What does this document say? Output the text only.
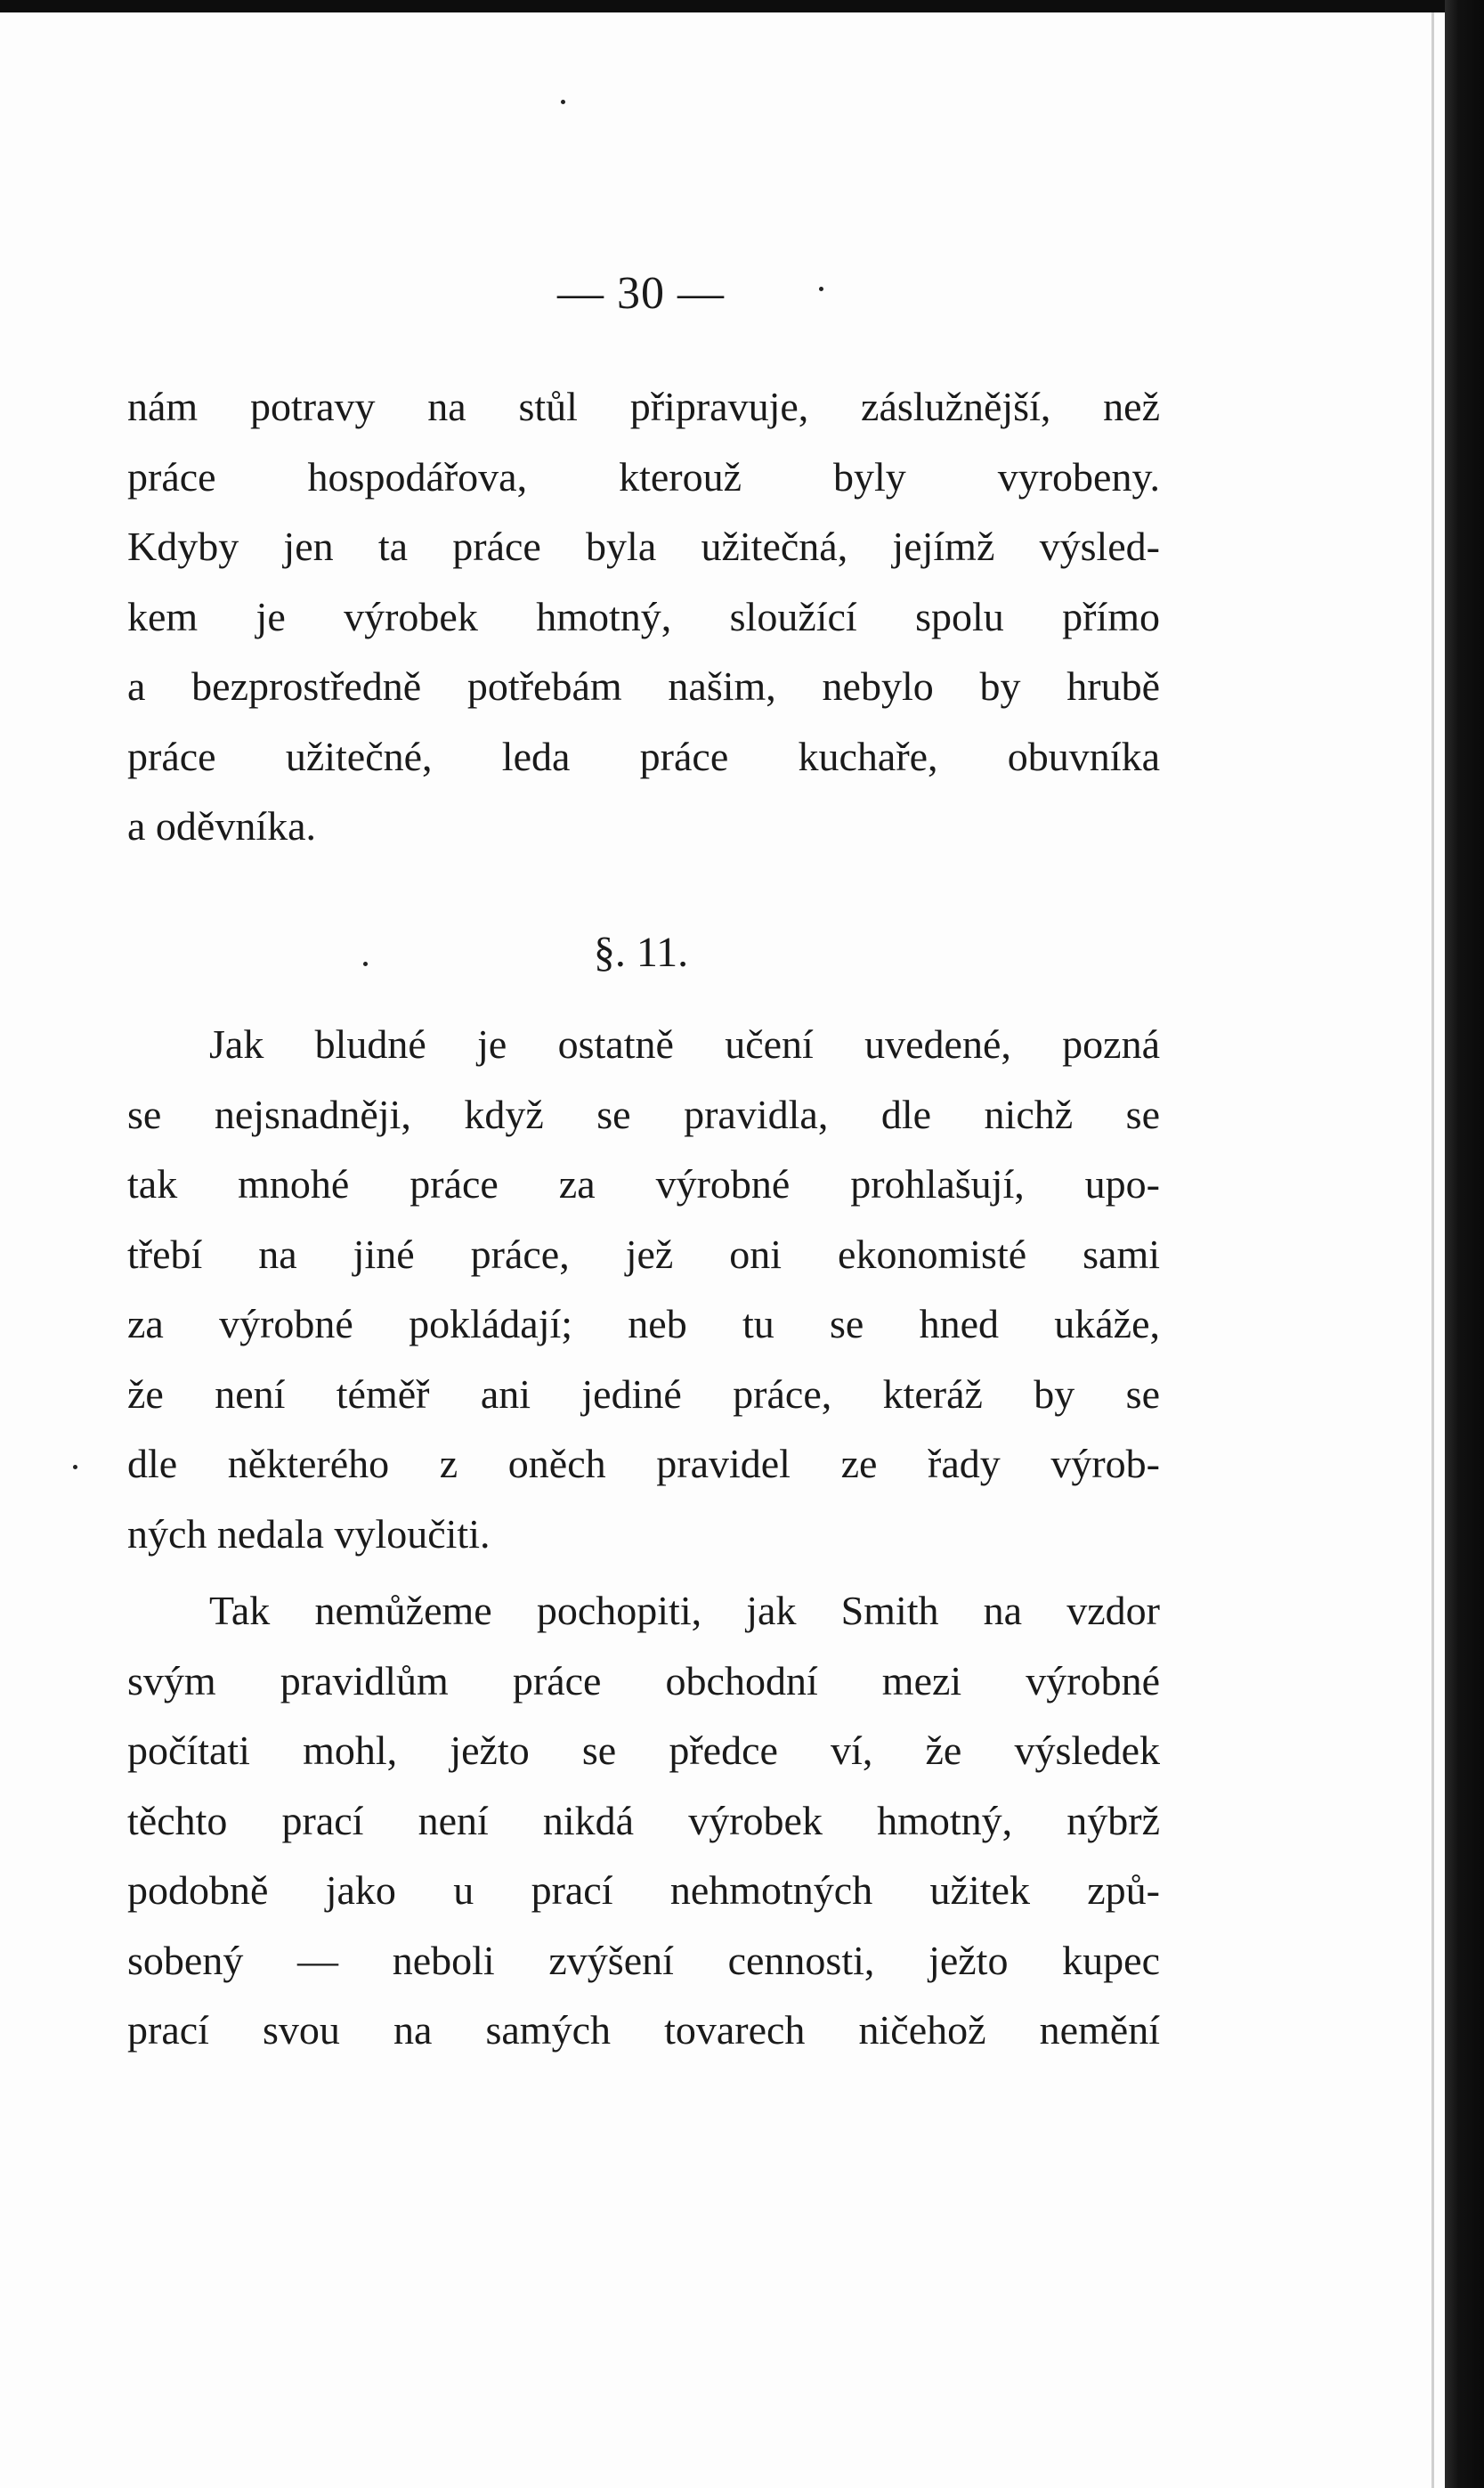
— 30 —
nám potravy na stůl připravuje, záslužnější, než
práce hospodářova, kterouž byly vyrobeny.
Kdyby jen ta práce byla užitečná, jejímž výsled-
kem je výrobek hmotný, sloužící spolu přímo
a bezprostředně potřebám našim, nebylo by hrubě
práce užitečné, leda práce kuchaře, obuvníka
a oděvníka.
§. 11.
Jak bludné je ostatně učení uvedené, pozná
se nejsnadněji, když se pravidla, dle nichž se
tak mnohé práce za výrobné prohlašují, upo-
třebí na jiné práce, jež oni ekonomisté sami
za výrobné pokládají; neb tu se hned ukáže,
že není téměř ani jediné práce, kteráž by se
dle některého z oněch pravidel ze řady výrob-
ných nedala vyloučiti.
Tak nemůžeme pochopiti, jak Smith na vzdor
svým pravidlům práce obchodní mezi výrobné
počítati mohl, ježto se předce ví, že výsledek
těchto prací není nikdá výrobek hmotný, nýbrž
podobně jako u prací nehmotných užitek způ-
sobený — neboli zvýšení cennosti, ježto kupec
prací svou na samých tovarech ničehož nemění
